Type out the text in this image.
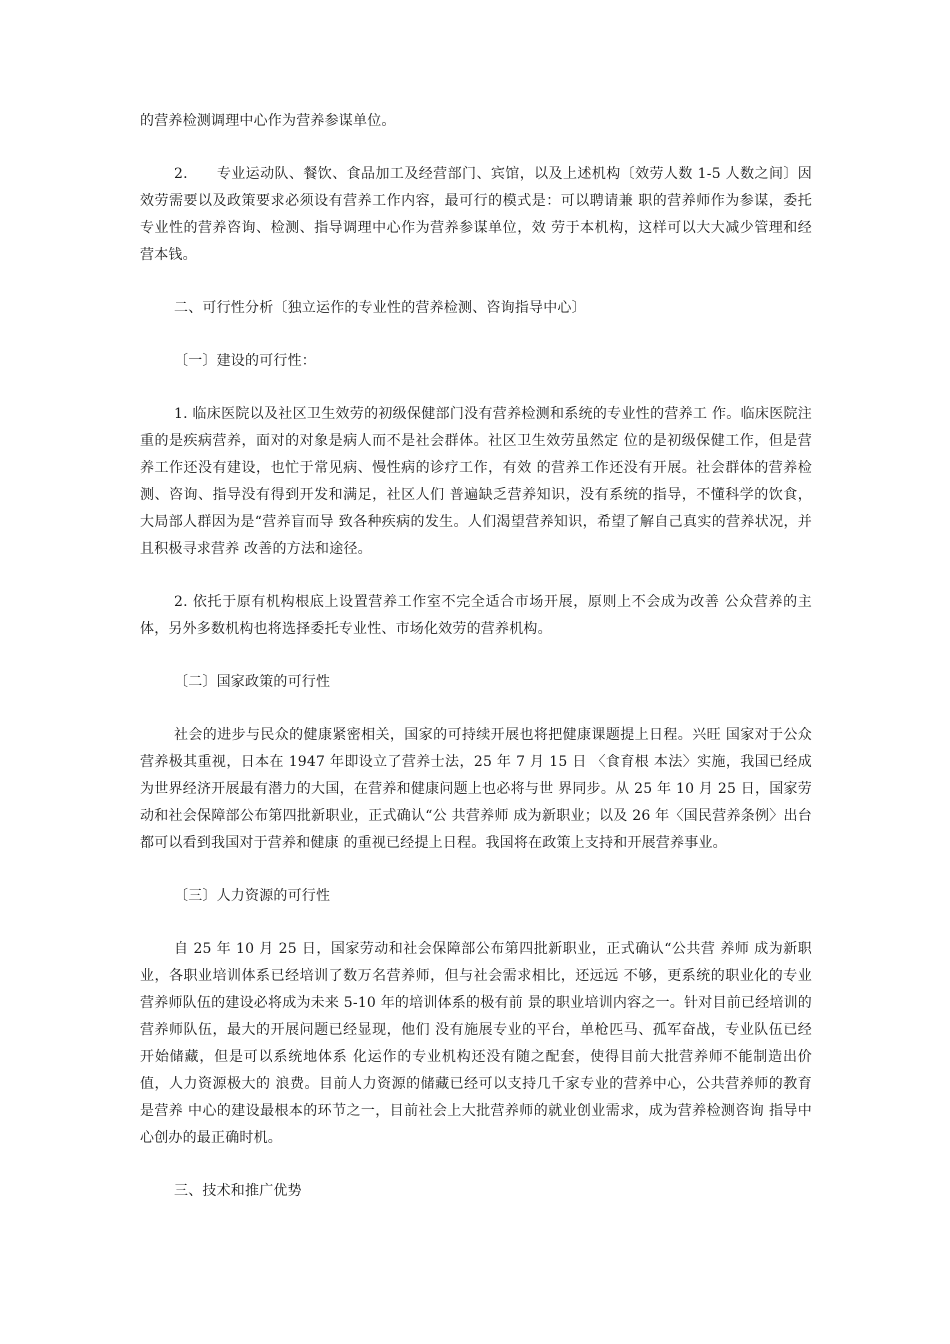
的营养检测调理中心作为营养参谋单位。

2.　　专业运动队、餐饮、食品加工及经营部门、宾馆，以及上述机构〔效劳人数 1-5 人数之间〕因效劳需要以及政策要求必须设有营养工作内容，最可行的模式是：可以聘请兼 职的营养师作为参谋，委托专业性的营养咨询、检测、指导调理中心作为营养参谋单位，效 劳于本机构，这样可以大大减少管理和经营本钱。

二、可行性分析〔独立运作的专业性的营养检测、咨询指导中心〕

〔一〕建设的可行性：

1. 临床医院以及社区卫生效劳的初级保健部门没有营养检测和系统的专业性的营养工 作。临床医院注重的是疾病营养，面对的对象是病人而不是社会群体。社区卫生效劳虽然定 位的是初级保健工作，但是营养工作还没有建设，也忙于常见病、慢性病的诊疗工作，有效 的营养工作还没有开展。社会群体的营养检测、咨询、指导没有得到开发和满足，社区人们 普遍缺乏营养知识，没有系统的指导，不懂科学的饮食，大局部人群因为是“营养盲而导 致各种疾病的发生。人们渴望营养知识，希望了解自己真实的营养状况，并且积极寻求营养 改善的方法和途径。

2. 依托于原有机构根底上设置营养工作室不完全适合市场开展，原则上不会成为改善 公众营养的主体，另外多数机构也将选择委托专业性、市场化效劳的营养机构。

〔二〕国家政策的可行性

社会的进步与民众的健康紧密相关，国家的可持续开展也将把健康课题提上日程。兴旺 国家对于公众营养极其重视，日本在 1947 年即设立了营养士法，25 年 7 月 15 日 〈食育根 本法〉实施，我国已经成为世界经济开展最有潜力的大国，在营养和健康问题上也必将与世 界同步。从 25 年 10 月 25 日，国家劳动和社会保障部公布第四批新职业，正式确认“公 共营养师 成为新职业；以及 26 年〈国民营养条例〉出台都可以看到我国对于营养和健康 的重视已经提上日程。我国将在政策上支持和开展营养事业。

〔三〕人力资源的可行性

自 25 年 10 月 25 日，国家劳动和社会保障部公布第四批新职业，正式确认“公共营 养师 成为新职业，各职业培训体系已经培训了数万名营养师，但与社会需求相比，还远远 不够，更系统的职业化的专业营养师队伍的建设必将成为未来 5-10 年的培训体系的极有前 景的职业培训内容之一。针对目前已经培训的营养师队伍，最大的开展问题已经显现，他们 没有施展专业的平台，单枪匹马、孤军奋战，专业队伍已经开始储藏，但是可以系统地体系 化运作的专业机构还没有随之配套，使得目前大批营养师不能制造出价值，人力资源极大的 浪费。目前人力资源的储藏已经可以支持几千家专业的营养中心，公共营养师的教育是营养 中心的建设最根本的环节之一，目前社会上大批营养师的就业创业需求，成为营养检测咨询 指导中心创办的最正确时机。

三、技术和推广优势
